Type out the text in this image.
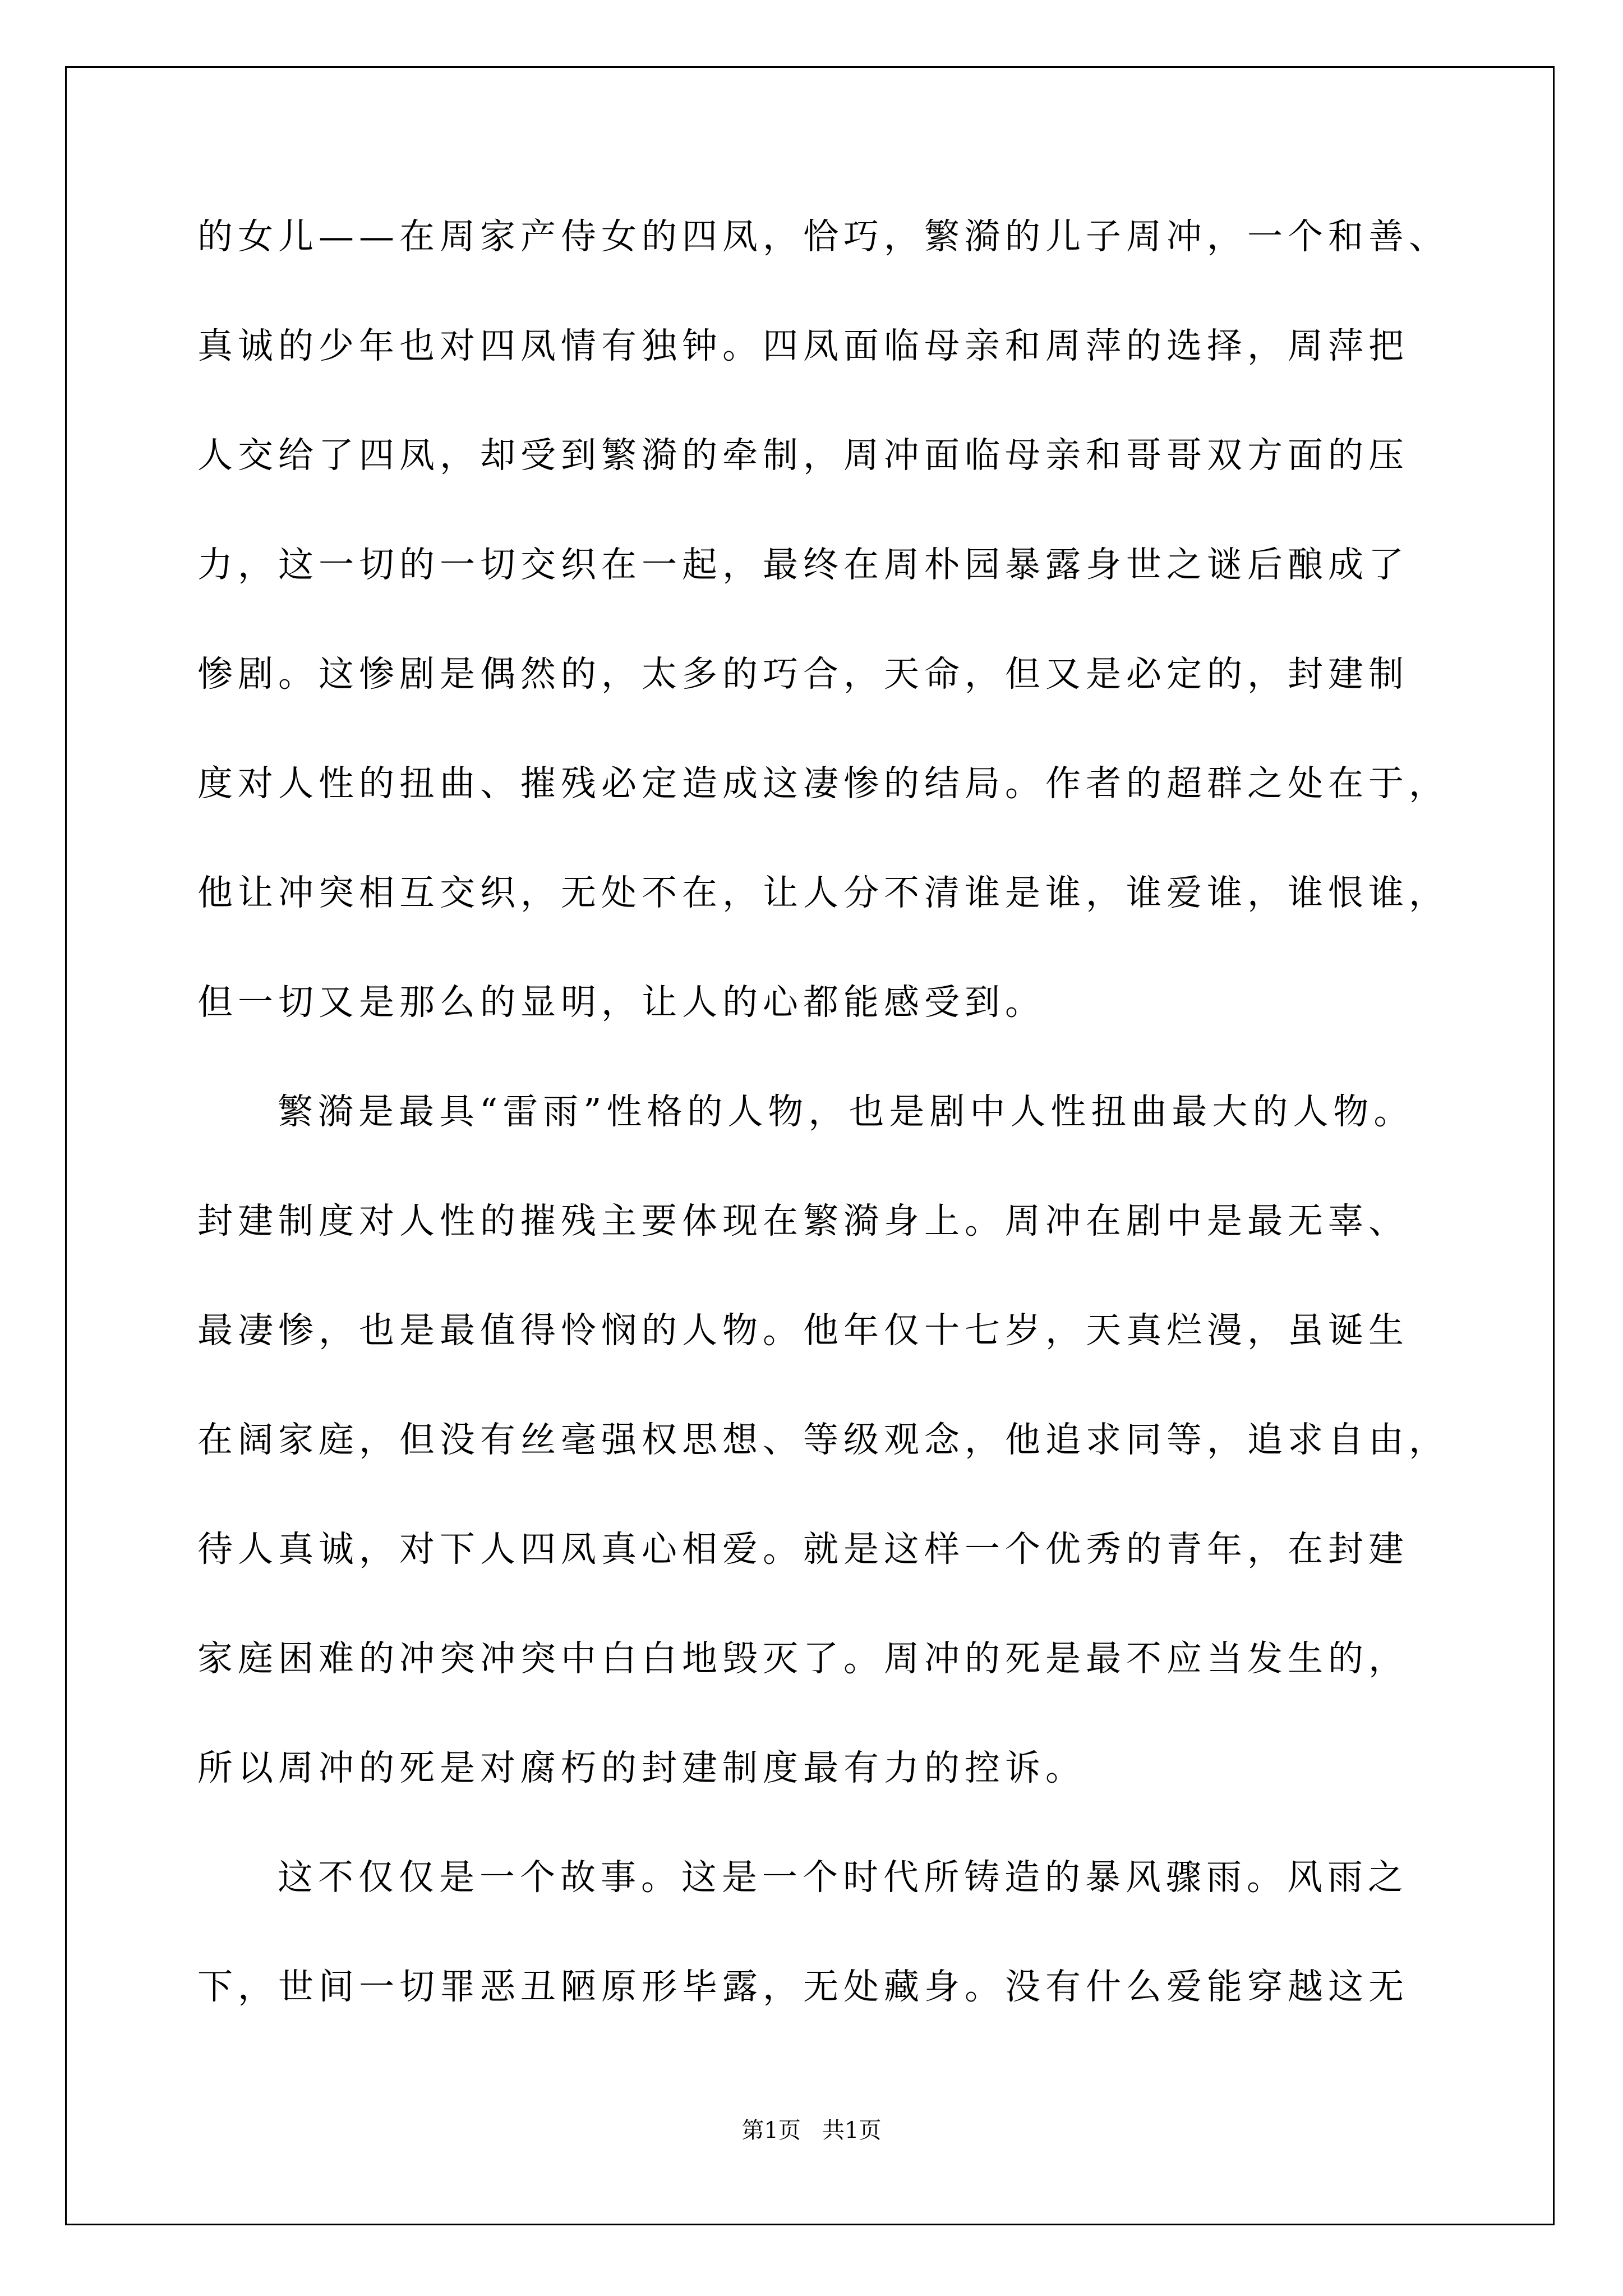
的女儿——在周家产侍女的四凤，恰巧，繁漪的儿子周冲，一个和善、
真诚的少年也对四凤情有独钟。四凤面临母亲和周萍的选择，周萍把
人交给了四凤，却受到繁漪的牵制，周冲面临母亲和哥哥双方面的压
力，这一切的一切交织在一起，最终在周朴园暴露身世之谜后酿成了
惨剧。这惨剧是偶然的，太多的巧合，天命，但又是必定的，封建制
度对人性的扭曲、摧残必定造成这凄惨的结局。作者的超群之处在于，
他让冲突相互交织，无处不在，让人分不清谁是谁，谁爱谁，谁恨谁，
但一切又是那么的显明，让人的心都能感受到。
繁漪是最具“雷雨”性格的人物，也是剧中人性扭曲最大的人物。
封建制度对人性的摧残主要体现在繁漪身上。周冲在剧中是最无辜、
最凄惨，也是最值得怜悯的人物。他年仅十七岁，天真烂漫，虽诞生
在阔家庭，但没有丝毫强权思想、等级观念，他追求同等，追求自由，
待人真诚，对下人四凤真心相爱。就是这样一个优秀的青年，在封建
家庭困难的冲突冲突中白白地毁灭了。周冲的死是最不应当发生的，
所以周冲的死是对腐朽的封建制度最有力的控诉。
这不仅仅是一个故事。这是一个时代所铸造的暴风骤雨。风雨之
下，世间一切罪恶丑陋原形毕露，无处藏身。没有什么爱能穿越这无
第1页   共1页
